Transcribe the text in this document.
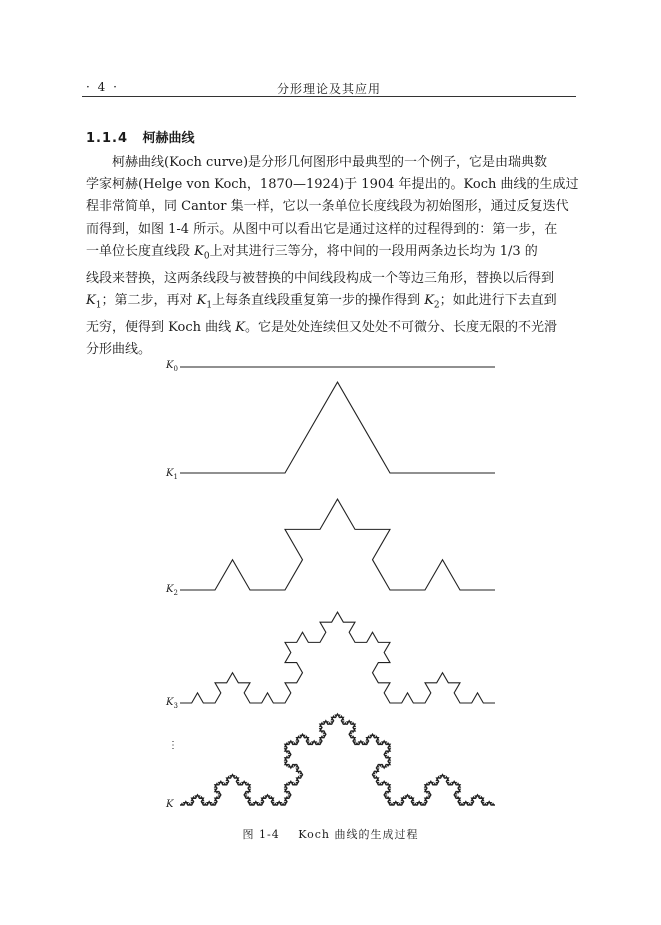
· 4 ·	分形理论及其应用
1.1.4 柯赫曲线
柯赫曲线(Koch curve)是分形几何图形中最典型的一个例子，它是由瑞典数
学家柯赫(Helge von Koch，1870—1924)于 1904 年提出的。Koch 曲线的生成过
程非常简单，同 Cantor 集一样，它以一条单位长度线段为初始图形，通过反复迭代
而得到，如图 1-4 所示。从图中可以看出它是通过这样的过程得到的：第一步，在
一单位长度直线段 $K_0$上对其进行三等分，将中间的一段用两条边长均为 1/3 的
线段来替换，这两条线段与被替换的中间线段构成一个等边三角形，替换以后得到
$K_1$；第二步，再对 $K_1$上每条直线段重复第一步的操作得到 $K_2$；如此进行下去直到
无穷，便得到 Koch 曲线 K。它是处处连续但又处处不可微分、长度无限的不光滑
分形曲线。
$K_0$
$K_1$
$K_2$
$K_3$
⋮
K
图 1-4 Koch 曲线的生成过程
